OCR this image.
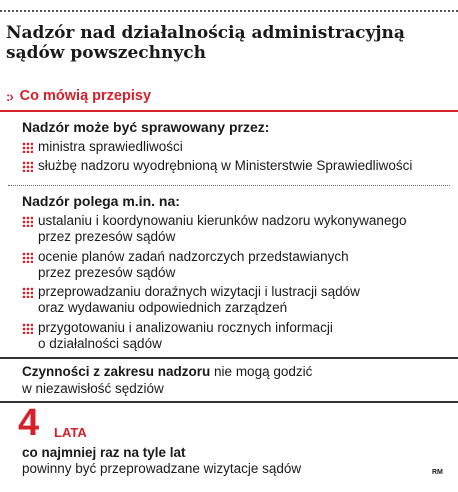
Nadzór nad działalnością administracyjną
sądów powszechnych
:› Co mówią przepisy
Nadzór może być sprawowany przez:
ministra sprawiedliwości
służbę nadzoru wyodrębnioną w Ministerstwie Sprawiedliwości
Nadzór polega m.in. na:
ustalaniu i koordynowaniu kierunków nadzoru wykonywanego
przez prezesów sądów
ocenie planów zadań nadzorczych przedstawianych
przez prezesów sądów
przeprowadzaniu doraźnych wizytacji i lustracji sądów
oraz wydawaniu odpowiednich zarządzeń
przygotowaniu i analizowaniu rocznych informacji
o działalności sądów
Czynności z zakresu nadzoru nie mogą godzić
w niezawisłość sędziów
4 LATA
co najmniej raz na tyle lat
powinny być przeprowadzane wizytacje sądów	RM
